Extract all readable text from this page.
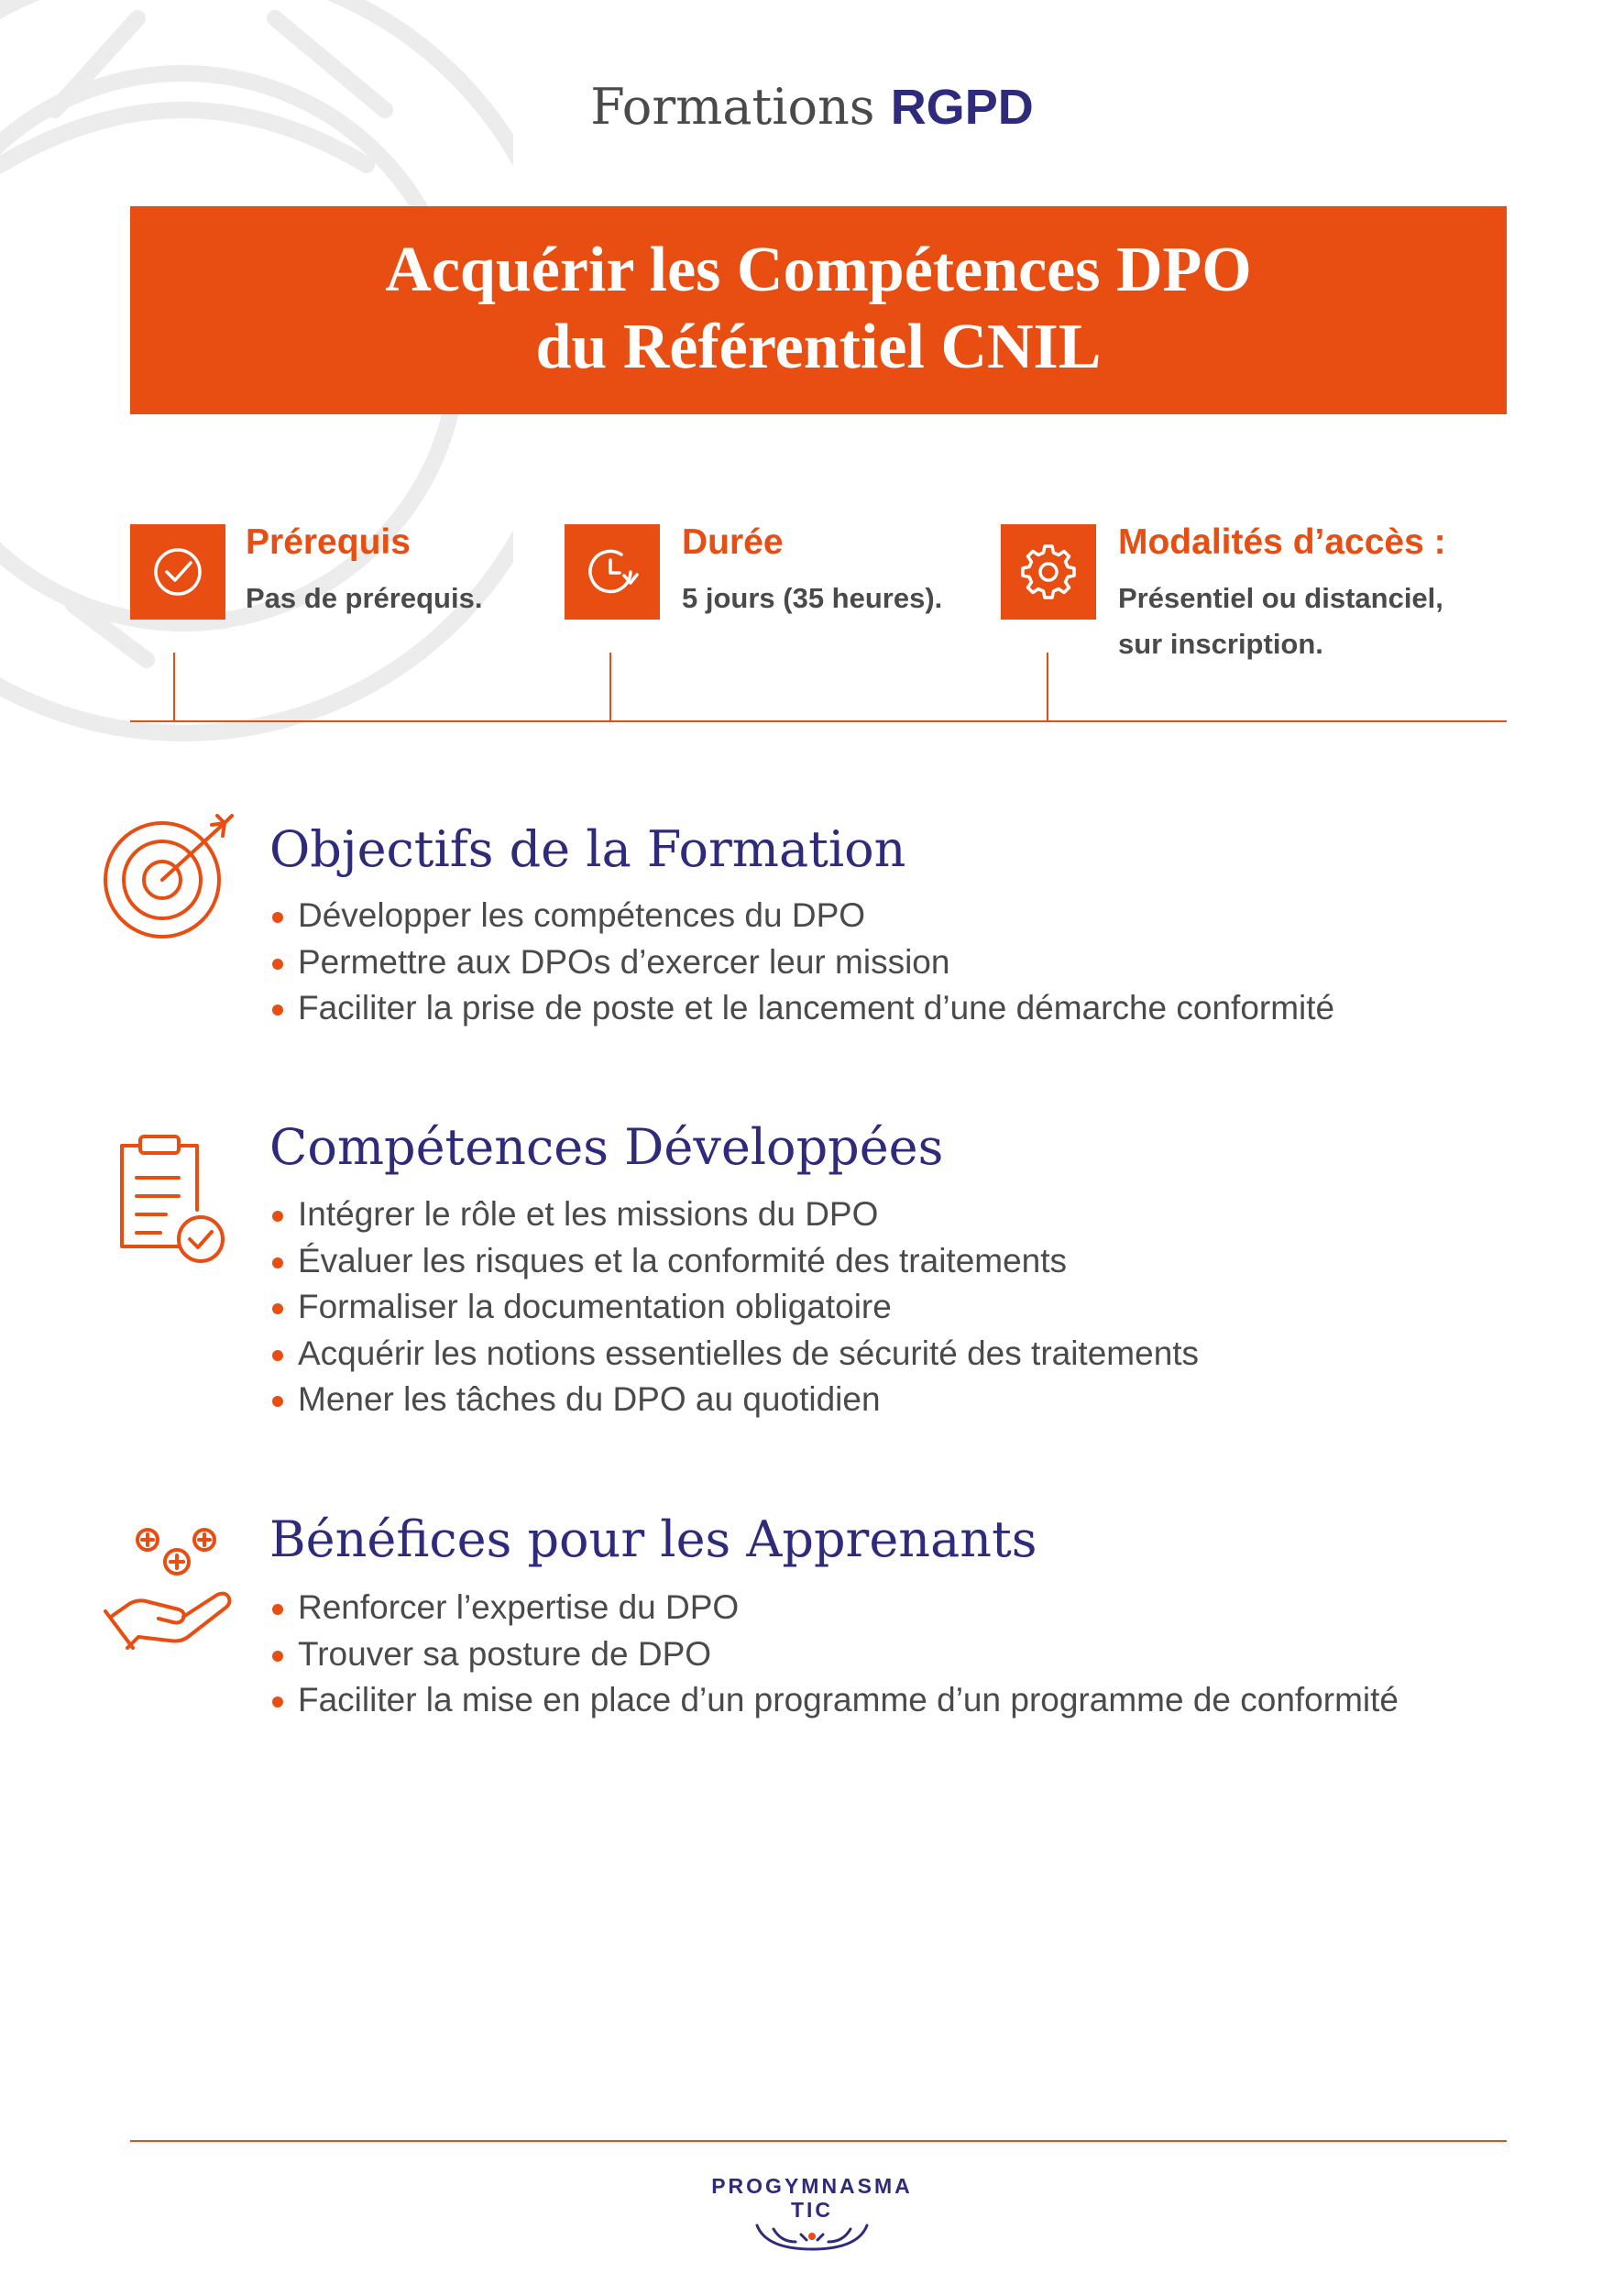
Formations RGPD
Acquérir les Compétences DPO
du Référentiel CNIL
Prérequis
Pas de prérequis.
Durée
5 jours (35 heures).
Modalités d’accès :
Présentiel ou distanciel,
sur inscription.
Objectifs de la Formation
Développer les compétences du DPO
Permettre aux DPOs d’exercer leur mission
Faciliter la prise de poste et le lancement d’une démarche conformité
Compétences Développées
Intégrer le rôle et les missions du DPO
Évaluer les risques et la conformité des traitements
Formaliser la documentation obligatoire
Acquérir les notions essentielles de sécurité des traitements
Mener les tâches du DPO au quotidien
Bénéfices pour les Apprenants
Renforcer l’expertise du DPO
Trouver sa posture de DPO
Faciliter la mise en place d’un programme d’un programme de conformité
PROGYMNASMA
TIC
